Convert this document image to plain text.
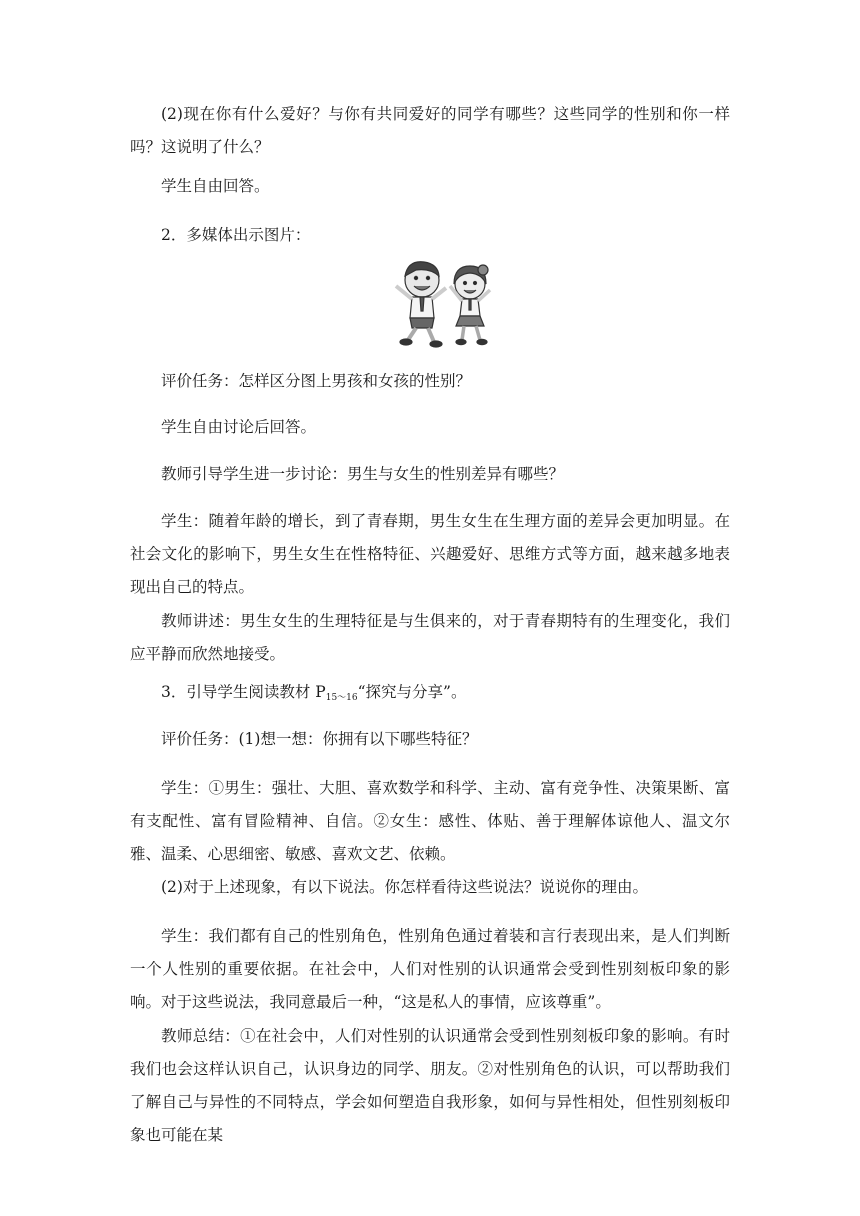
(2)现在你有什么爱好？与你有共同爱好的同学有哪些？这些同学的性别和你一样吗？这说明了什么？

学生自由回答。

2．多媒体出示图片：

评价任务：怎样区分图上男孩和女孩的性别？

学生自由讨论后回答。

教师引导学生进一步讨论：男生与女生的性别差异有哪些？

学生：随着年龄的增长，到了青春期，男生女生在生理方面的差异会更加明显。在社会文化的影响下，男生女生在性格特征、兴趣爱好、思维方式等方面，越来越多地表现出自己的特点。

教师讲述：男生女生的生理特征是与生俱来的，对于青春期特有的生理变化，我们应平静而欣然地接受。

3．引导学生阅读教材 $P_{15\sim 16}“$探究与分享”。

评价任务：(1)想一想：你拥有以下哪些特征？

学生：①男生：强壮、大胆、喜欢数学和科学、主动、富有竞争性、决策果断、富有支配性、富有冒险精神、自信。②女生：感性、体贴、善于理解体谅他人、温文尔雅、温柔、心思细密、敏感、喜欢文艺、依赖。

(2)对于上述现象，有以下说法。你怎样看待这些说法？说说你的理由。

学生：我们都有自己的性别角色，性别角色通过着装和言行表现出来，是人们判断一个人性别的重要依据。在社会中，人们对性别的认识通常会受到性别刻板印象的影响。对于这些说法，我同意最后一种，“这是私人的事情，应该尊重”。

教师总结：①在社会中，人们对性别的认识通常会受到性别刻板印象的影响。有时我们也会这样认识自己，认识身边的同学、朋友。②对性别角色的认识，可以帮助我们了解自己与异性的不同特点，学会如何塑造自我形象，如何与异性相处，但性别刻板印象也可能在某
